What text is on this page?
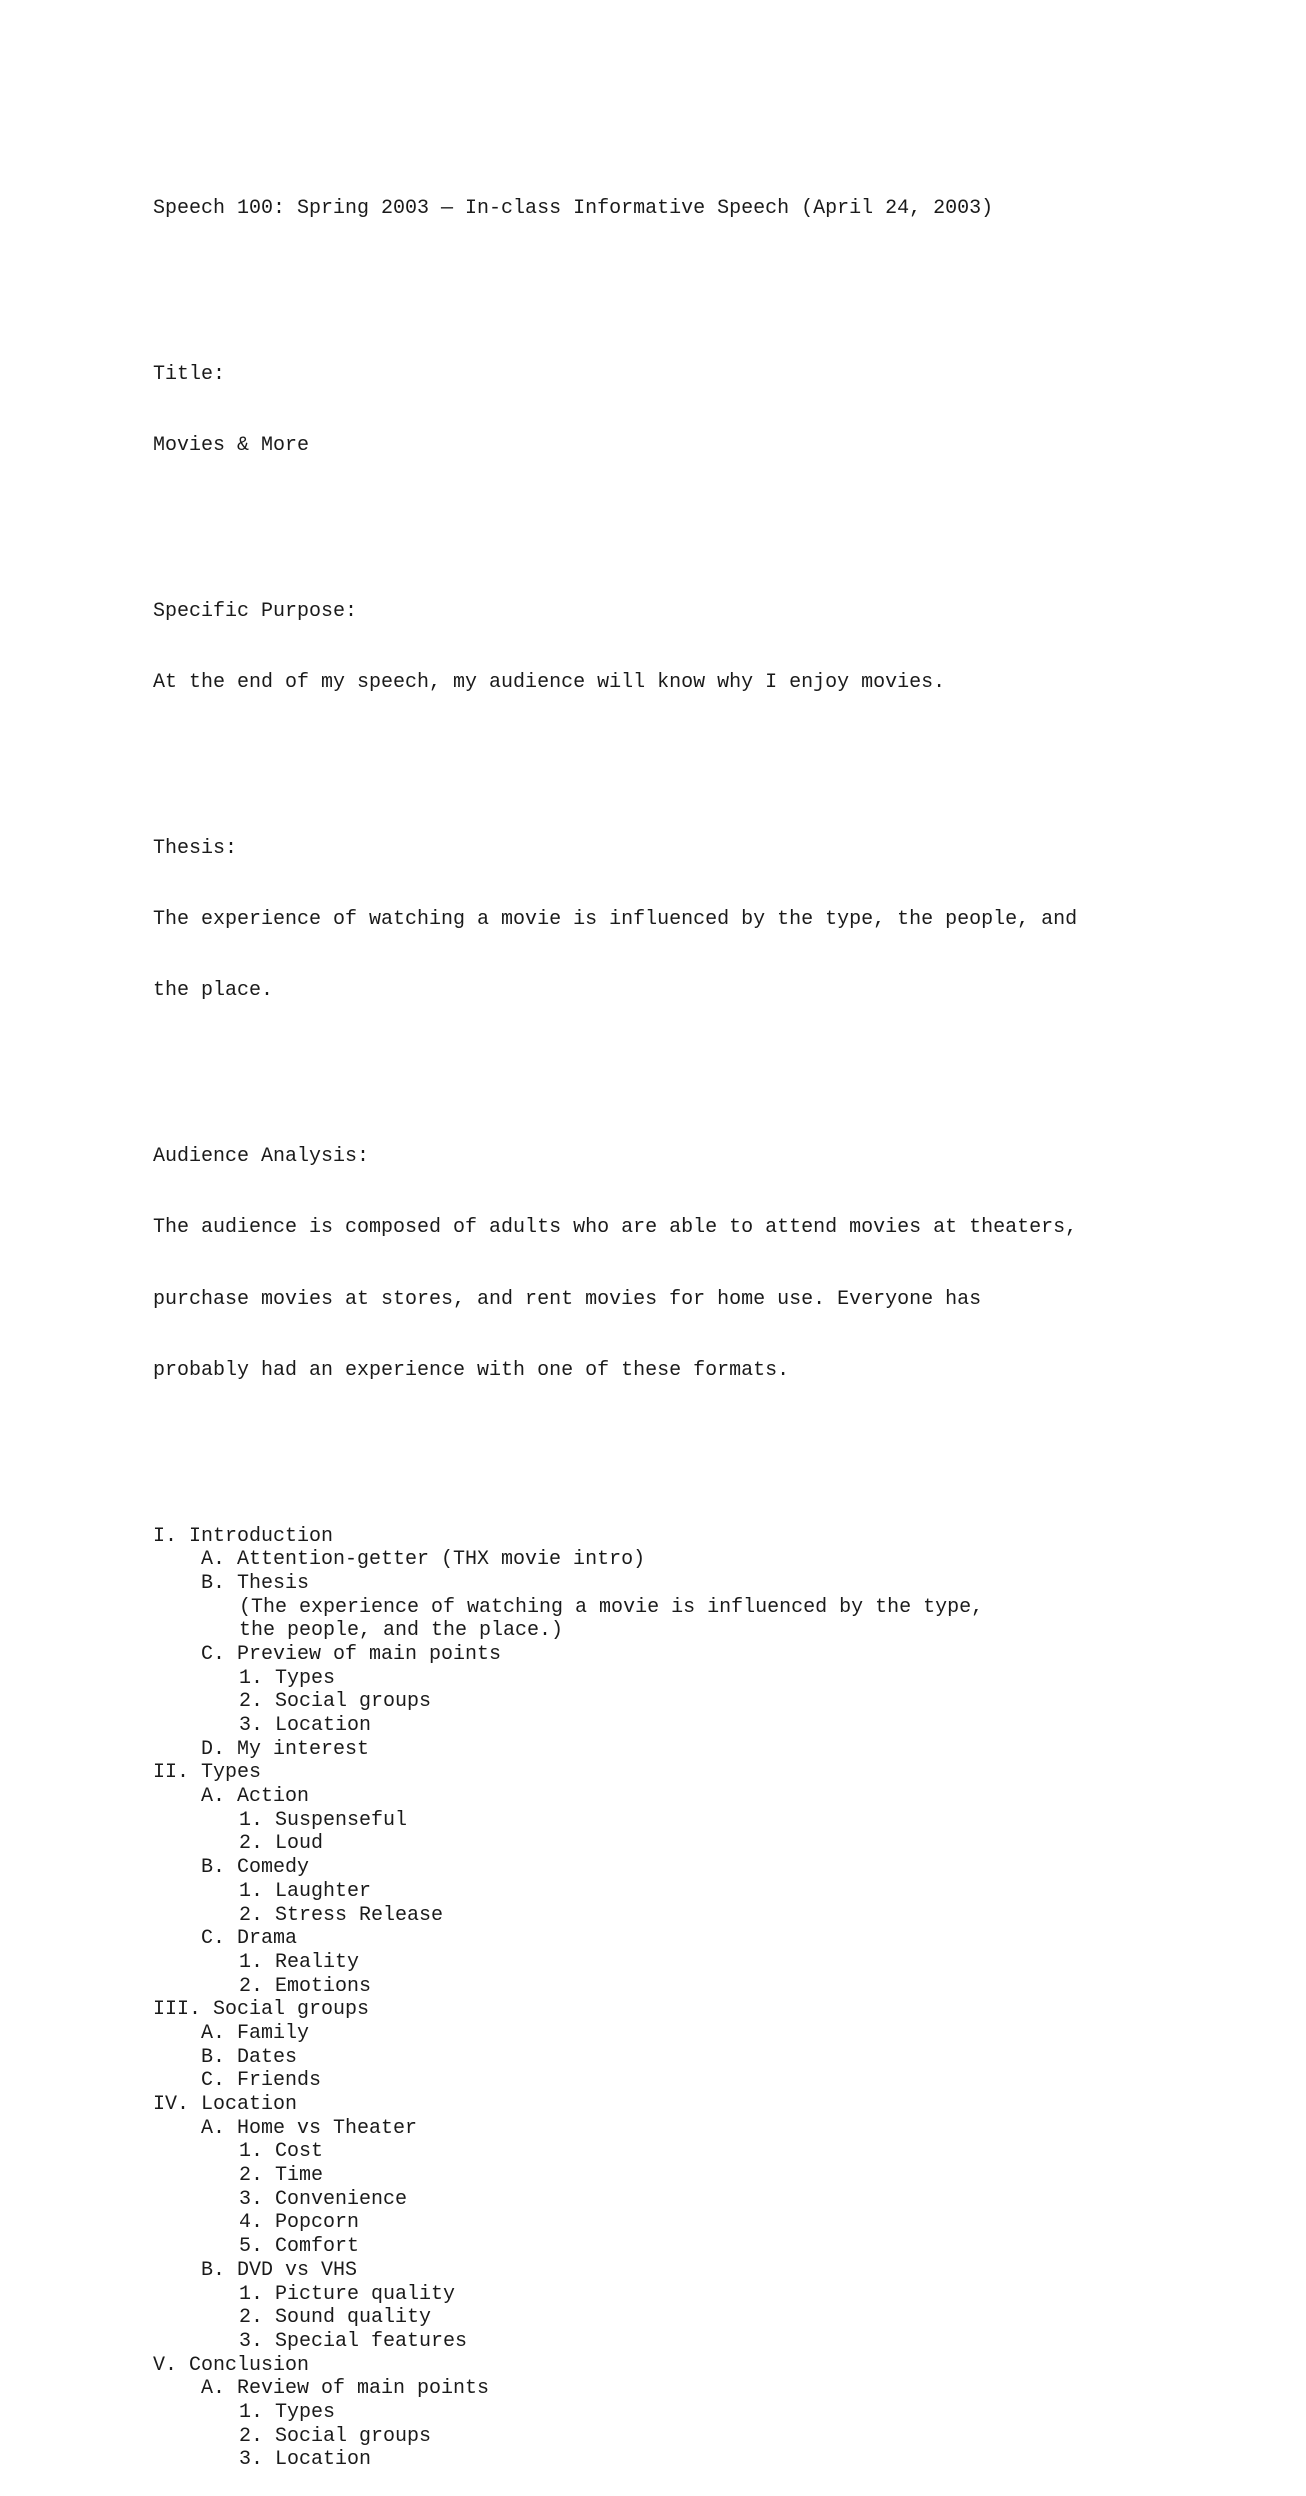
Speech 100: Spring 2003 — In-class Informative Speech (April 24, 2003)

Title:

Movies & More

Specific Purpose:

At the end of my speech, my audience will know why I enjoy movies.

Thesis:

The experience of watching a movie is influenced by the type, the people, and

the place.

Audience Analysis:

The audience is composed of adults who are able to attend movies at theaters,

purchase movies at stores, and rent movies for home use. Everyone has

probably had an experience with one of these formats.

I. Introduction
A. Attention-getter (THX movie intro)
B. Thesis
(The experience of watching a movie is influenced by the type,
the people, and the place.)
C. Preview of main points
1. Types
2. Social groups
3. Location
D. My interest
II. Types
A. Action
1. Suspenseful
2. Loud
B. Comedy
1. Laughter
2. Stress Release
C. Drama
1. Reality
2. Emotions
III. Social groups
A. Family
B. Dates
C. Friends
IV. Location
A. Home vs Theater
1. Cost
2. Time
3. Convenience
4. Popcorn
5. Comfort
B. DVD vs VHS
1. Picture quality
2. Sound quality
3. Special features
V. Conclusion
A. Review of main points
1. Types
2. Social groups
3. Location
